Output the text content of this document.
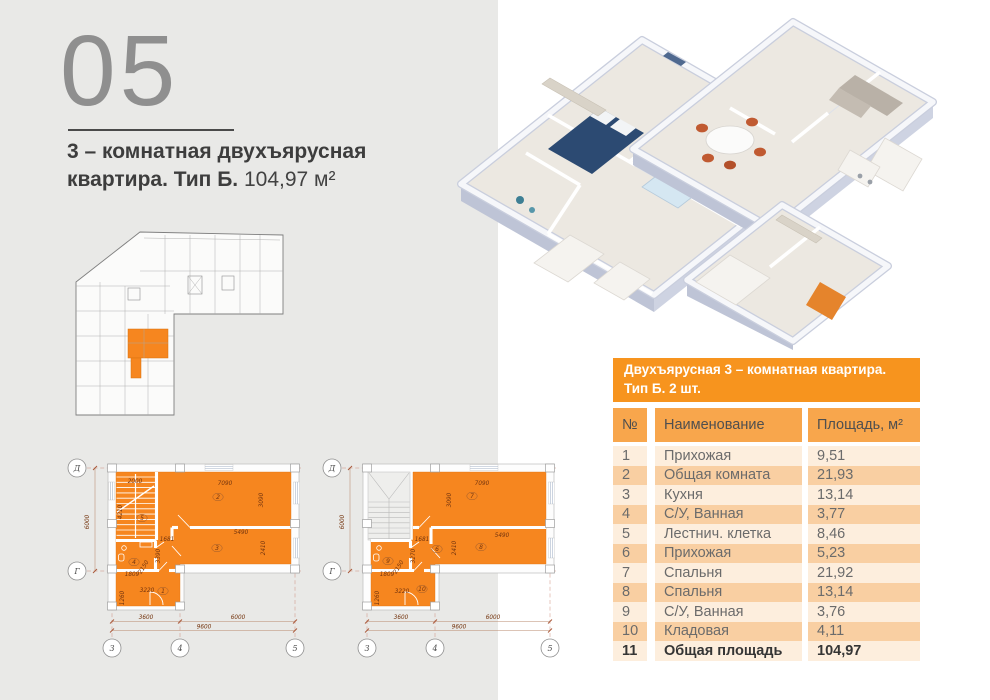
05
3 – комнатная двухъярусная
квартира. Тип Б. 104,97 м²
2000
4210
7090
3090
5490
2410
1681
3390
1809
2150
3220
1260
6000
3600	6000
9600
5
2
3
4
1
Д
Г
3	4	5
7090
3090
5490
2410
1681
3270
1809
2150
3220
1260
6000
3600	6000
9600
7
8
6
9
10
Д
Г
3	4	5
Двухъярусная 3 – комнатная квартира.
Тип Б. 2 шт.
№	Наименование	Площадь, м²
1	Прихожая	9,51
2	Общая комната	21,93
3	Кухня	13,14
4	С/У, Ванная	3,77
5	Лестнич. клетка	8,46
6	Прихожая	5,23
7	Спальня	21,92
8	Спальня	13,14
9	С/У, Ванная	3,76
10	Кладовая	4,11
11	Общая площадь	104,97
